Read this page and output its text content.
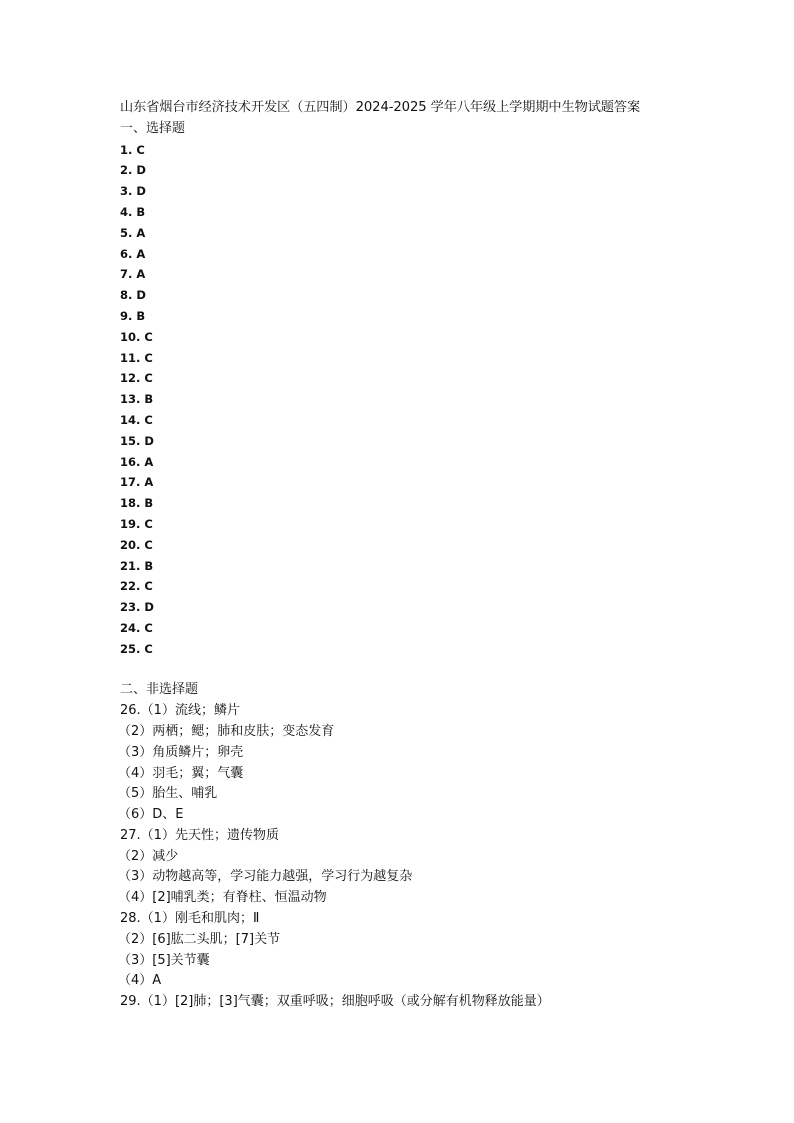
山东省烟台市经济技术开发区（五四制）2024-2025 学年八年级上学期期中生物试题答案
一、选择题
1. C
2. D
3. D
4. B
5. A
6. A
7. A
8. D
9. B
10. C
11. C
12. C
13. B
14. C
15. D
16. A
17. A
18. B
19. C
20. C
21. B
22. C
23. D
24. C
25. C
二、非选择题
26.（1）流线；鳞片
（2）两栖；鳃；肺和皮肤；变态发育
（3）角质鳞片；卵壳
（4）羽毛；翼；气囊
（5）胎生、哺乳
（6）D、E
27.（1）先天性；遗传物质
（2）减少
（3）动物越高等，学习能力越强，学习行为越复杂
（4）[2]哺乳类；有脊柱、恒温动物
28.（1）刚毛和肌肉；Ⅱ
（2）[6]肱二头肌；[7]关节
（3）[5]关节囊
（4）A
29.（1）[2]肺；[3]气囊；双重呼吸；细胞呼吸（或分解有机物释放能量）
